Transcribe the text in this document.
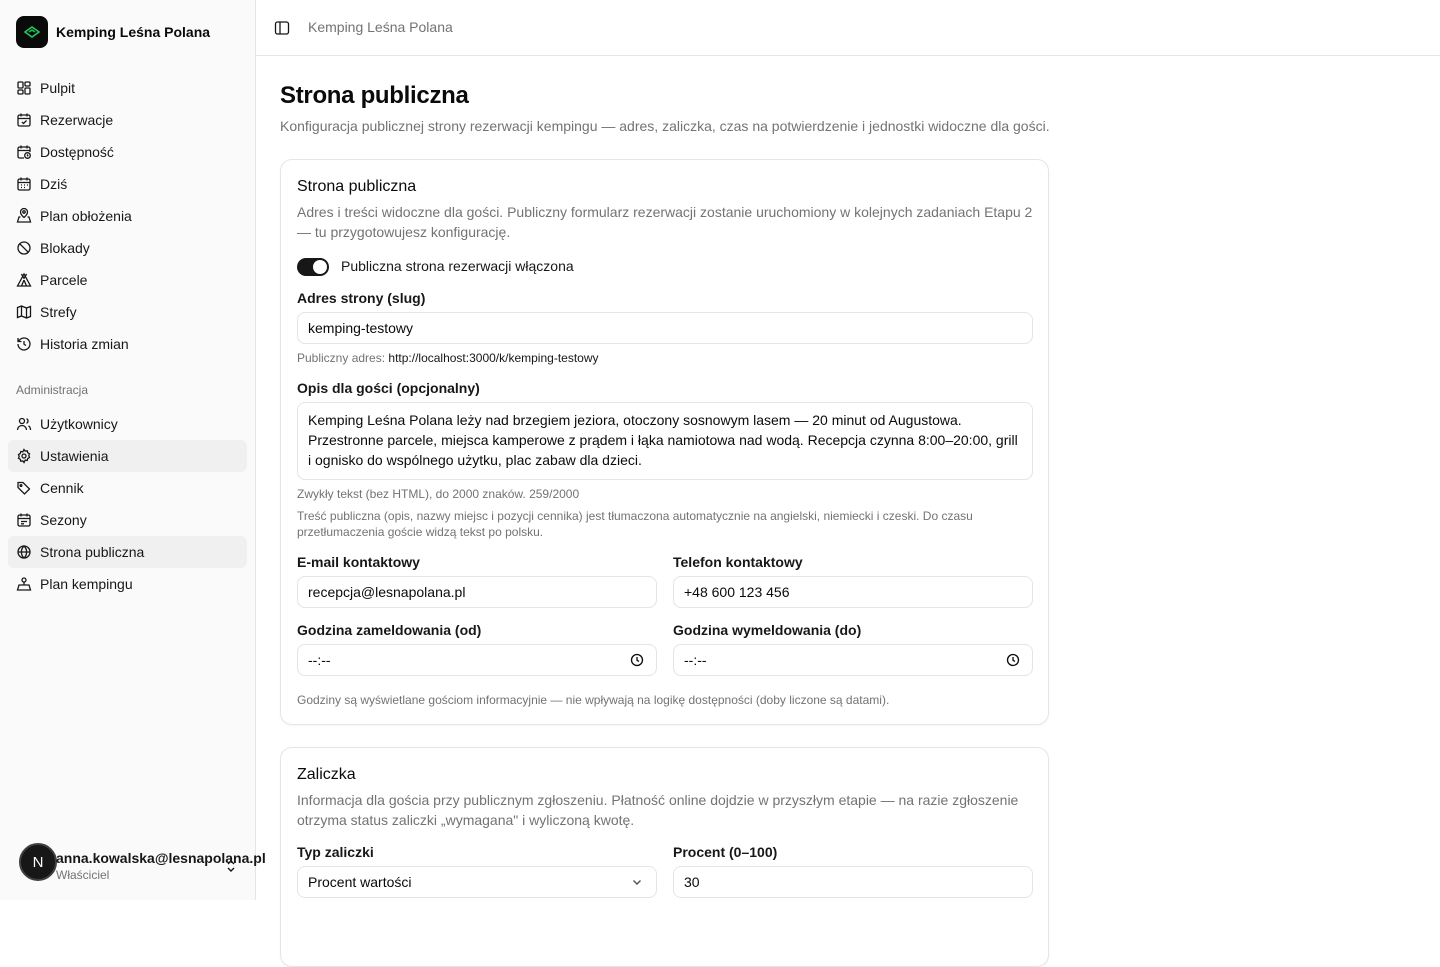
Kemping Leśna Polana
Pulpit
Rezerwacje
Dostępność
Dziś
Plan obłożenia
Blokady
Parcele
Strefy
Historia zmian
Administracja
Użytkownicy
Ustawienia
Cennik
Sezony
Strona publiczna
Plan kempingu
N anna.kowalska@lesnapolana.pl
Właściciel
Kemping Leśna Polana
Strona publiczna

Konfiguracja publicznej strony rezerwacji kempingu — adres, zaliczka, czas na potwierdzenie i jednostki widoczne dla gości.

Strona publiczna
Adres i treści widoczne dla gości. Publiczny formularz rezerwacji zostanie uruchomiony w kolejnych zadaniach Etapu 2 — tu przygotowujesz konfigurację.
Publiczna strona rezerwacji włączona
Adres strony (slug)
kemping-testowy
Publiczny adres: http://localhost:3000/k/kemping-testowy
Opis dla gości (opcjonalny)
Kemping Leśna Polana leży nad brzegiem jeziora, otoczony sosnowym lasem — 20 minut od Augustowa. Przestronne parcele, miejsca kamperowe z prądem i łąka namiotowa nad wodą. Recepcja czynna 8:00–20:00, grill i ognisko do wspólnego użytku, plac zabaw dla dzieci.
Zwykły tekst (bez HTML), do 2000 znaków. 259/2000
Treść publiczna (opis, nazwy miejsc i pozycji cennika) jest tłumaczona automatycznie na angielski, niemiecki i czeski. Do czasu przetłumaczenia goście widzą tekst po polsku.
E-mail kontaktowy
recepcja@lesnapolana.pl
Telefon kontaktowy
+48 600 123 456
Godzina zameldowania (od)
--:--
Godzina wymeldowania (do)
--:--
Godziny są wyświetlane gościom informacyjnie — nie wpływają na logikę dostępności (doby liczone są datami).
Zaliczka
Informacja dla gościa przy publicznym zgłoszeniu. Płatność online dojdzie w przyszłym etapie — na razie zgłoszenie otrzyma status zaliczki „wymagana" i wyliczoną kwotę.
Typ zaliczki
Procent wartości
Procent (0–100)
30
